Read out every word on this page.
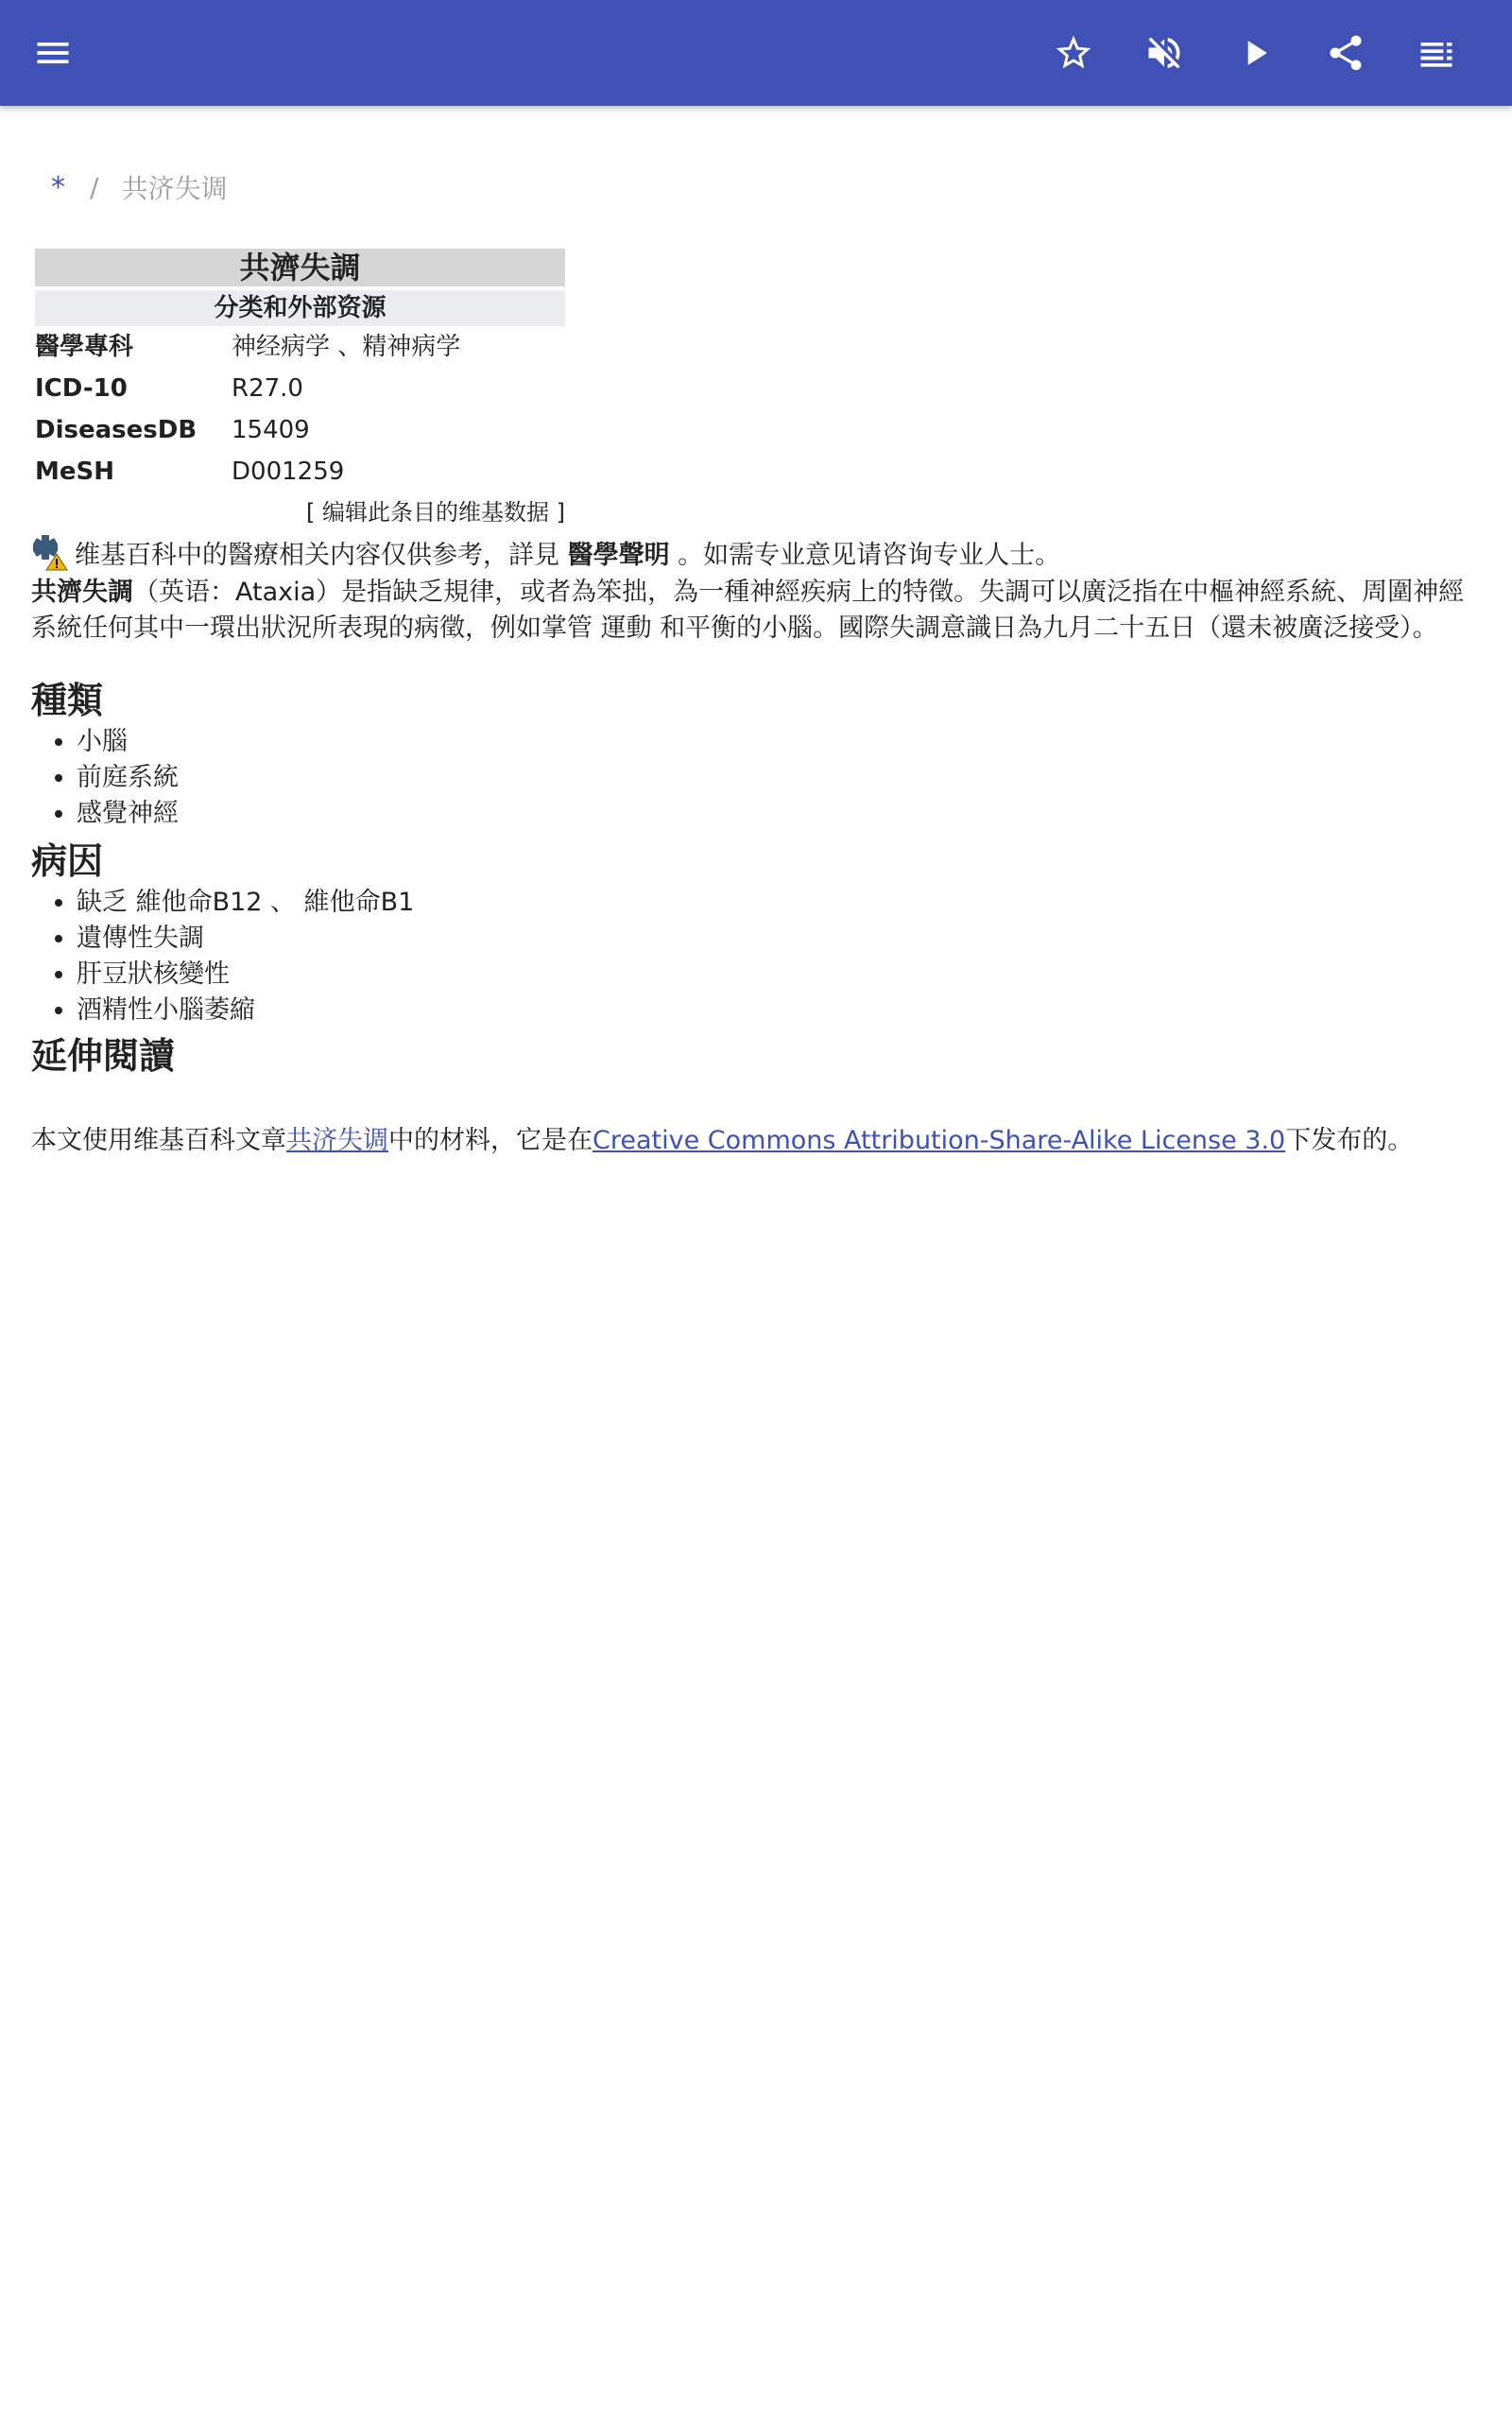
* / 共济失调
共濟失調
分类和外部资源
醫學專科	神经病学 、精神病学
ICD-10	R27.0
DiseasesDB	15409
MeSH	D001259
[ 编辑此条目的维基数据 ]
维基百科中的醫療相关内容仅供参考，詳見 醫學聲明 。如需专业意见请咨询专业人士。
共濟失調（英语：Ataxia）是指缺乏規律，或者為笨拙，為一種神經疾病上的特徵。失調可以廣泛指在中樞神經系統、周圍神經系統任何其中一環出狀況所表現的病徵，例如掌管 運動 和平衡的小腦。國際失調意識日為九月二十五日（還未被廣泛接受）。
種類
• 小腦
• 前庭系統
• 感覺神經
病因
• 缺乏 維他命B12 、 維他命B1
• 遺傳性失調
• 肝豆狀核變性
• 酒精性小腦萎縮
延伸閱讀
本文使用维基百科文章共济失调中的材料，它是在Creative Commons Attribution-Share-Alike License 3.0下发布的。
